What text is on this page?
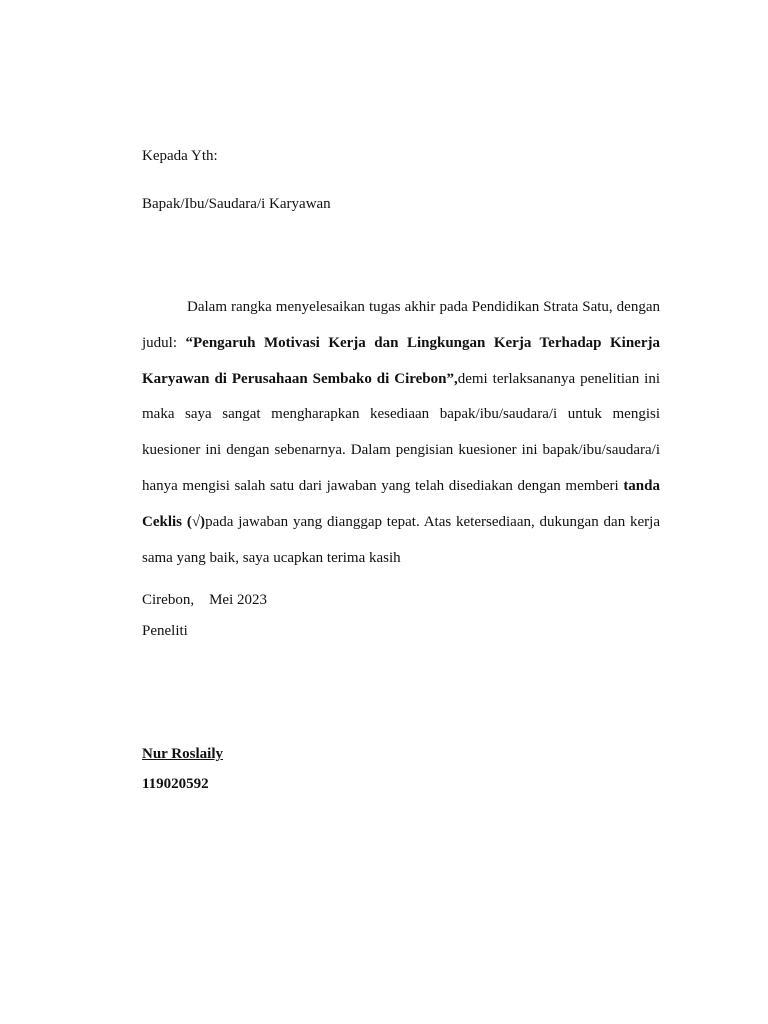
Kepada Yth:
Bapak/Ibu/Saudara/i Karyawan

Dalam rangka menyelesaikan tugas akhir pada Pendidikan Strata Satu, dengan judul: “Pengaruh Motivasi Kerja dan Lingkungan Kerja Terhadap Kinerja Karyawan di Perusahaan Sembako di Cirebon”,demi terlaksananya penelitian ini maka saya sangat mengharapkan kesediaan bapak/ibu/saudara/i untuk mengisi kuesioner ini dengan sebenarnya. Dalam pengisian kuesioner ini bapak/ibu/saudara/i hanya mengisi salah satu dari jawaban yang telah disediakan dengan memberi tanda Ceklis (√)pada jawaban yang dianggap tepat. Atas ketersediaan, dukungan dan kerja sama yang baik, saya ucapkan terima kasih

Cirebon,    Mei 2023
Peneliti
Nur Roslaily
119020592
